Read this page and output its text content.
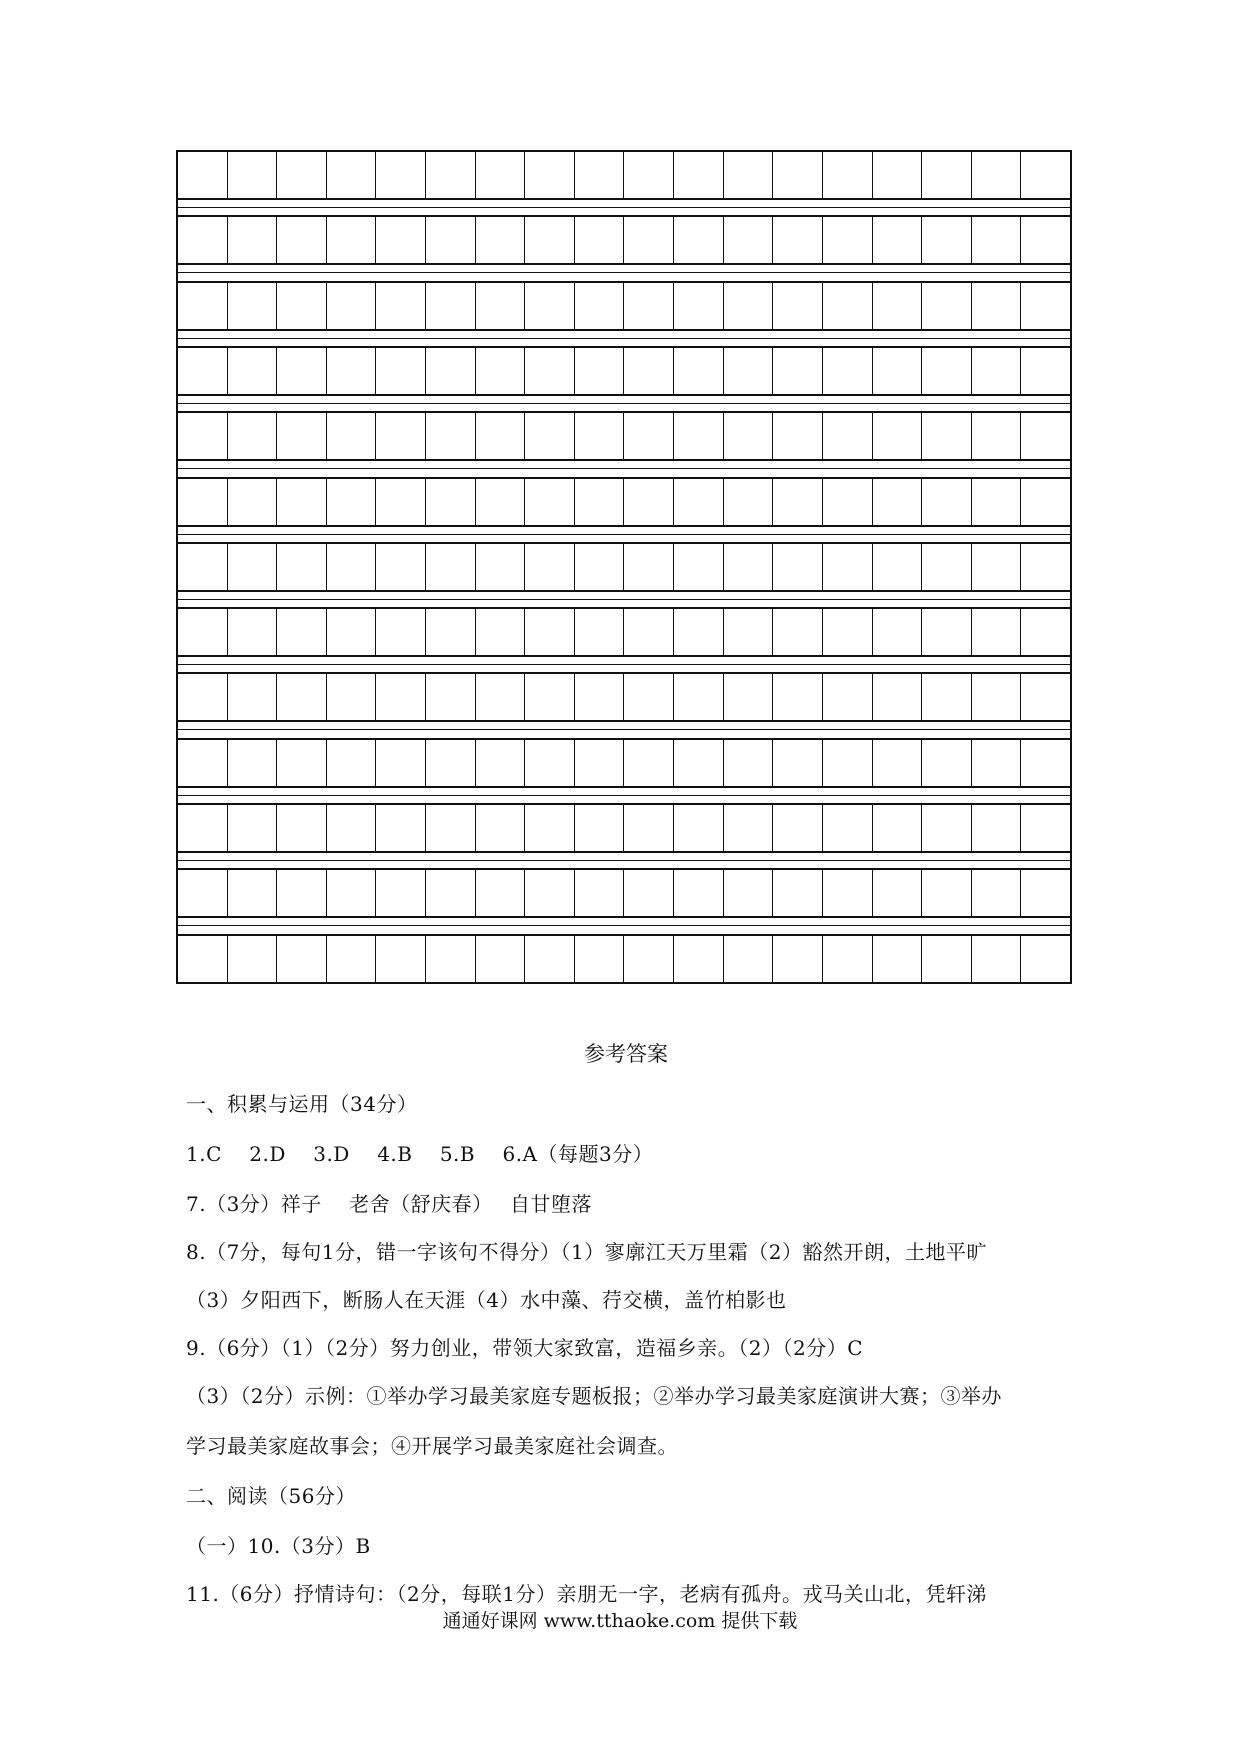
参考答案
一、积累与运用（34分）
1.C　 2.D　 3.D　 4.B　 5.B　 6.A（每题3分）
7.（3分）祥子　 老舍（舒庆春）　 自甘堕落
8.（7分，每句1分，错一字该句不得分）（1）寥廓江天万里霜（2）豁然开朗，土地平旷
（3）夕阳西下，断肠人在天涯（4）水中藻、荇交横，盖竹柏影也
9.（6分）（1）（2分）努力创业，带领大家致富，造福乡亲。（2）（2分）C
（3）（2分）示例：①举办学习最美家庭专题板报；②举办学习最美家庭演讲大赛；③举办
学习最美家庭故事会；④开展学习最美家庭社会调查。
二、阅读（56分）
（一）10.（3分）B
11.（6分）抒情诗句：（2分，每联1分）亲朋无一字，老病有孤舟。戎马关山北，凭轩涕
通通好课网 www.tthaoke.com 提供下载
